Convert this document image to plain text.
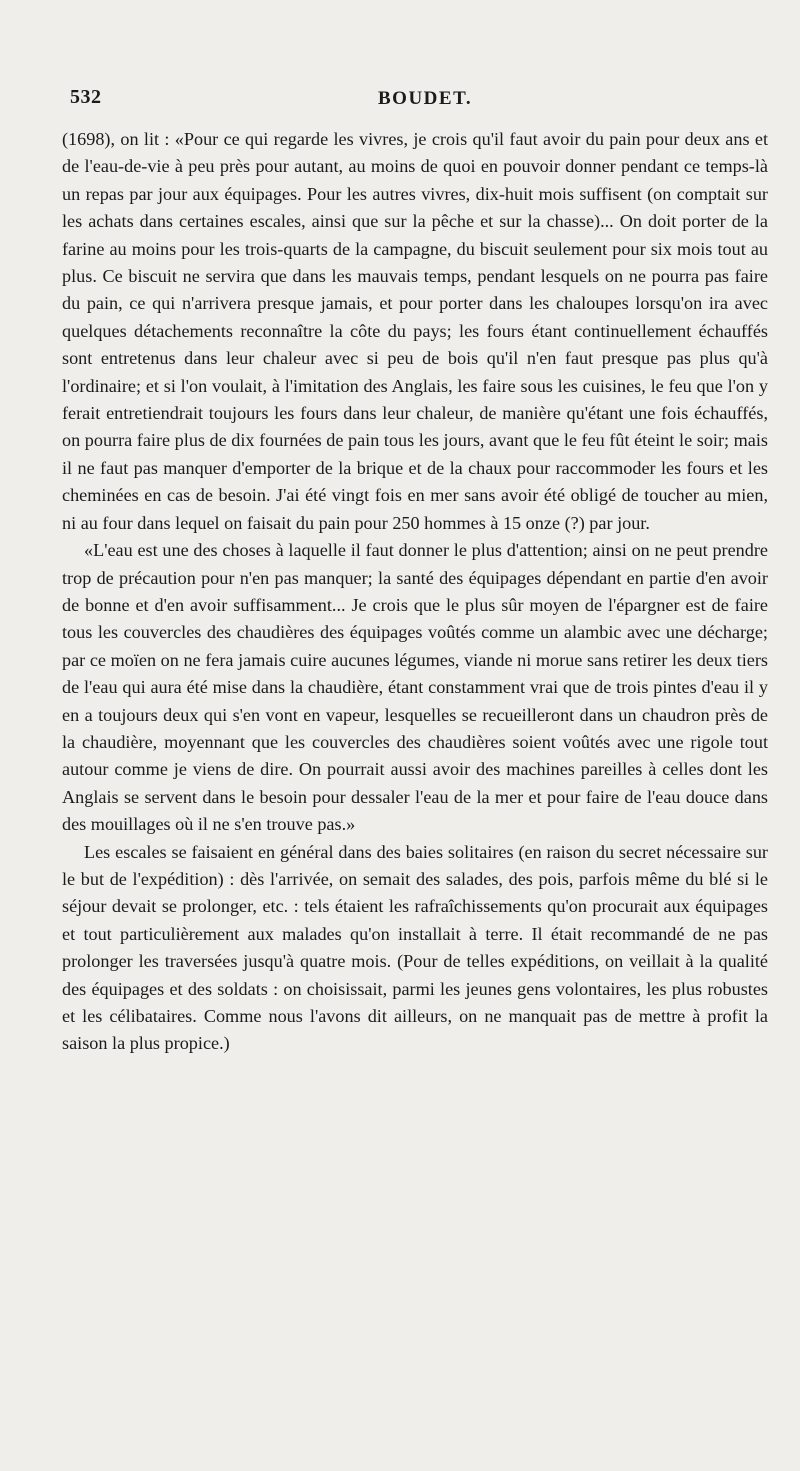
532	BOUDET.

(1698), on lit : «Pour ce qui regarde les vivres, je crois qu'il faut avoir du pain pour deux ans et de l'eau-de-vie à peu près pour autant, au moins de quoi en pouvoir donner pendant ce temps-là un repas par jour aux équipages. Pour les autres vivres, dix-huit mois suffisent (on comptait sur les achats dans certaines escales, ainsi que sur la pêche et sur la chasse)... On doit porter de la farine au moins pour les trois-quarts de la campagne, du biscuit seulement pour six mois tout au plus. Ce biscuit ne servira que dans les mauvais temps, pendant lesquels on ne pourra pas faire du pain, ce qui n'arrivera presque jamais, et pour porter dans les chaloupes lorsqu'on ira avec quelques détachements reconnaître la côte du pays; les fours étant continuellement échauffés sont entretenus dans leur chaleur avec si peu de bois qu'il n'en faut presque pas plus qu'à l'ordinaire; et si l'on voulait, à l'imitation des Anglais, les faire sous les cuisines, le feu que l'on y ferait entretiendrait toujours les fours dans leur chaleur, de manière qu'étant une fois échauffés, on pourra faire plus de dix fournées de pain tous les jours, avant que le feu fût éteint le soir; mais il ne faut pas manquer d'emporter de la brique et de la chaux pour raccommoder les fours et les cheminées en cas de besoin. J'ai été vingt fois en mer sans avoir été obligé de toucher au mien, ni au four dans lequel on faisait du pain pour 250 hommes à 15 onze (?) par jour.

«L'eau est une des choses à laquelle il faut donner le plus d'attention; ainsi on ne peut prendre trop de précaution pour n'en pas manquer; la santé des équipages dépendant en partie d'en avoir de bonne et d'en avoir suffisamment... Je crois que le plus sûr moyen de l'épargner est de faire tous les couvercles des chaudières des équipages voûtés comme un alambic avec une décharge; par ce moïen on ne fera jamais cuire aucunes légumes, viande ni morue sans retirer les deux tiers de l'eau qui aura été mise dans la chaudière, étant constamment vrai que de trois pintes d'eau il y en a toujours deux qui s'en vont en vapeur, lesquelles se recueilleront dans un chaudron près de la chaudière, moyennant que les couvercles des chaudières soient voûtés avec une rigole tout autour comme je viens de dire. On pourrait aussi avoir des machines pareilles à celles dont les Anglais se servent dans le besoin pour dessaler l'eau de la mer et pour faire de l'eau douce dans des mouillages où il ne s'en trouve pas.»

Les escales se faisaient en général dans des baies solitaires (en raison du secret nécessaire sur le but de l'expédition) : dès l'arrivée, on semait des salades, des pois, parfois même du blé si le séjour devait se prolonger, etc. : tels étaient les rafraîchissements qu'on procurait aux équipages et tout particulièrement aux malades qu'on installait à terre. Il était recommandé de ne pas prolonger les traversées jusqu'à quatre mois. (Pour de telles expéditions, on veillait à la qualité des équipages et des soldats : on choisissait, parmi les jeunes gens volontaires, les plus robustes et les célibataires. Comme nous l'avons dit ailleurs, on ne manquait pas de mettre à profit la saison la plus propice.)
